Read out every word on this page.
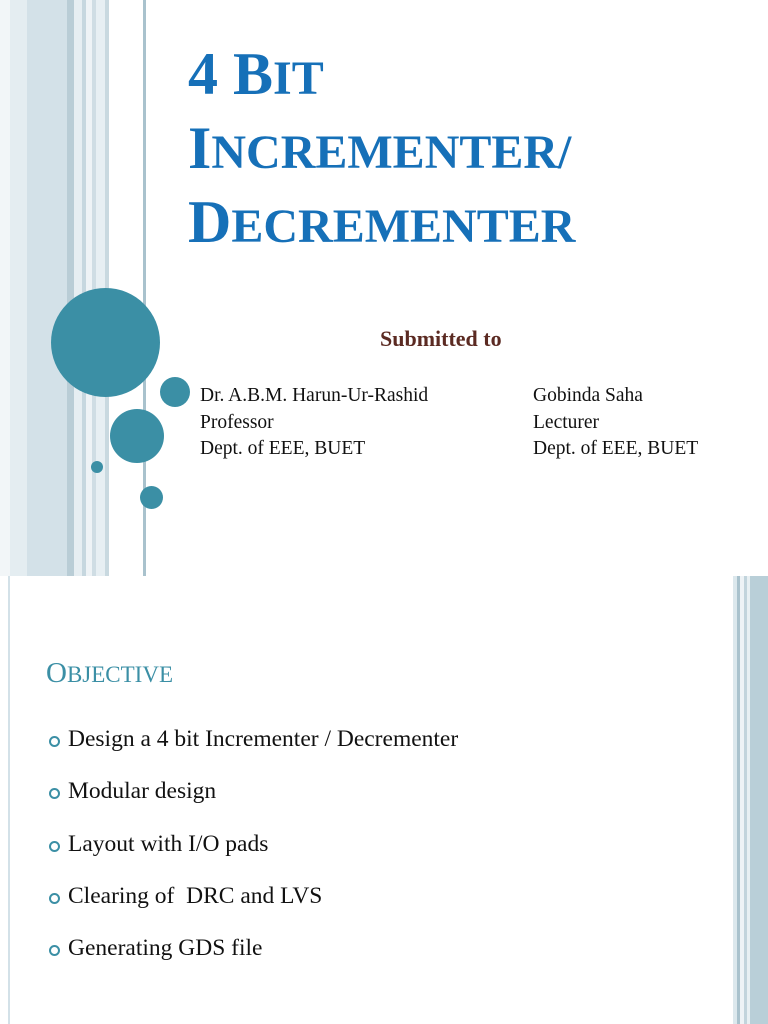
4 BIT
INCREMENTER/
DECREMENTER
Submitted to
Dr. A.B.M. Harun-Ur-Rashid
Professor
Dept. of EEE, BUET
Gobinda Saha
Lecturer
Dept. of EEE, BUET
OBJECTIVE
Design a 4 bit Incrementer / Decrementer
Modular design
Layout with I/O pads
Clearing of  DRC and LVS
Generating GDS file
